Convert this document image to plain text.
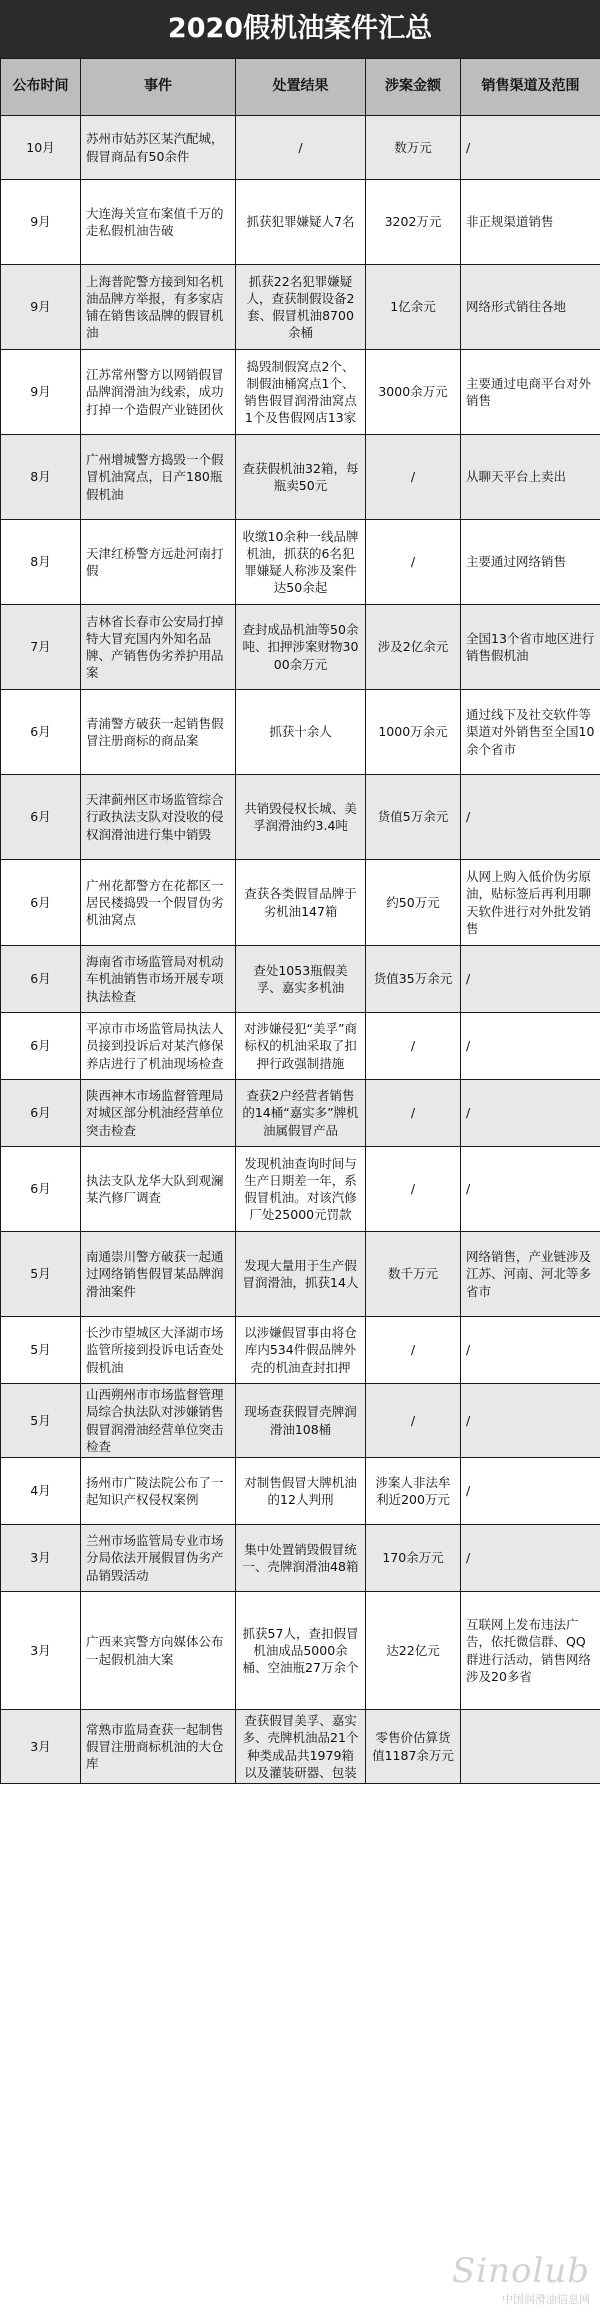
2020假机油案件汇总
公布时间	事件	处置结果	涉案金额	销售渠道及范围
10月	苏州市姑苏区某汽配城，假冒商品有50余件	/	数万元	/
9月	大连海关宣布案值千万的走私假机油告破	抓获犯罪嫌疑人7名	3202万元	非正规渠道销售
9月	上海普陀警方接到知名机油品牌方举报，有多家店铺在销售该品牌的假冒机油	抓获22名犯罪嫌疑人，查获制假设备2套、假冒机油8700余桶	1亿余元	网络形式销往各地
9月	江苏常州警方以网销假冒品牌润滑油为线索，成功打掉一个造假产业链团伙	捣毁制假窝点2个、制假油桶窝点1个、销售假冒润滑油窝点1个及售假网店13家	3000余万元	主要通过电商平台对外销售
8月	广州增城警方捣毁一个假冒机油窝点，日产180瓶假机油	查获假机油32箱，每瓶卖50元	/	从聊天平台上卖出
8月	天津红桥警方远赴河南打假	收缴10余种一线品牌机油，抓获的6名犯罪嫌疑人称涉及案件达50余起	/	主要通过网络销售
7月	吉林省长春市公安局打掉特大冒充国内外知名品牌、产销售伪劣养护用品案	查封成品机油等50余吨、扣押涉案财物3000余万元	涉及2亿余元	全国13个省市地区进行销售假机油
6月	青浦警方破获一起销售假冒注册商标的商品案	抓获十余人	1000万余元	通过线下及社交软件等渠道对外销售至全国10余个省市
6月	天津蓟州区市场监管综合行政执法支队对没收的侵权润滑油进行集中销毁	共销毁侵权长城、美孚润滑油约3.4吨	货值5万余元	/
6月	广州花都警方在花都区一居民楼捣毁一个假冒伪劣机油窝点	查获各类假冒品牌于劣机油147箱	约50万元	从网上购入低价伪劣原油，贴标签后再利用聊天软件进行对外批发销售
6月	海南省市场监管局对机动车机油销售市场开展专项执法检查	查处1053瓶假美孚、嘉实多机油	货值35万余元	/
6月	平凉市市场监管局执法人员接到投诉后对某汽修保养店进行了机油现场检查	对涉嫌侵犯“美孚”商标权的机油采取了扣押行政强制措施	/	/
6月	陕西神木市场监督管理局对城区部分机油经营单位突击检查	查获2户经营者销售的14桶“嘉实多”牌机油属假冒产品	/	/
6月	执法支队龙华大队到观澜某汽修厂调查	发现机油查询时间与生产日期差一年，系假冒机油。对该汽修厂处25000元罚款	/	/
5月	南通崇川警方破获一起通过网络销售假冒某品牌润滑油案件	发现大量用于生产假冒润滑油，抓获14人	数千万元	网络销售，产业链涉及江苏、河南、河北等多省市
5月	长沙市望城区大泽湖市场监管所接到投诉电话查处假机油	以涉嫌假冒事由将仓库内534件假品牌外壳的机油查封扣押	/	/
5月	山西朔州市市场监督管理局综合执法队对涉嫌销售假冒润滑油经营单位突击检查	现场查获假冒壳牌润滑油108桶	/	/
4月	扬州市广陵法院公布了一起知识产权侵权案例	对制售假冒大牌机油的12人判刑	涉案人非法牟利近200万元	/
3月	兰州市场监管局专业市场分局依法开展假冒伪劣产品销毁活动	集中处置销毁假冒统一、壳牌润滑油48箱	170余万元	/
3月	广西来宾警方向媒体公布一起假机油大案	抓获57人，查扣假冒机油成品5000余桶、空油瓶27万余个	达22亿元	互联网上发布违法广告，依托微信群、QQ群进行活动，销售网络涉及20多省
3月	常熟市监局查获一起制售假冒注册商标机油的大仓库	查获假冒美孚、嘉实多、壳牌机油品21个种类成品共1979箱以及灌装研器、包装	零售价估算货值1187余万元	
Sinolub
中国润滑油信息网
